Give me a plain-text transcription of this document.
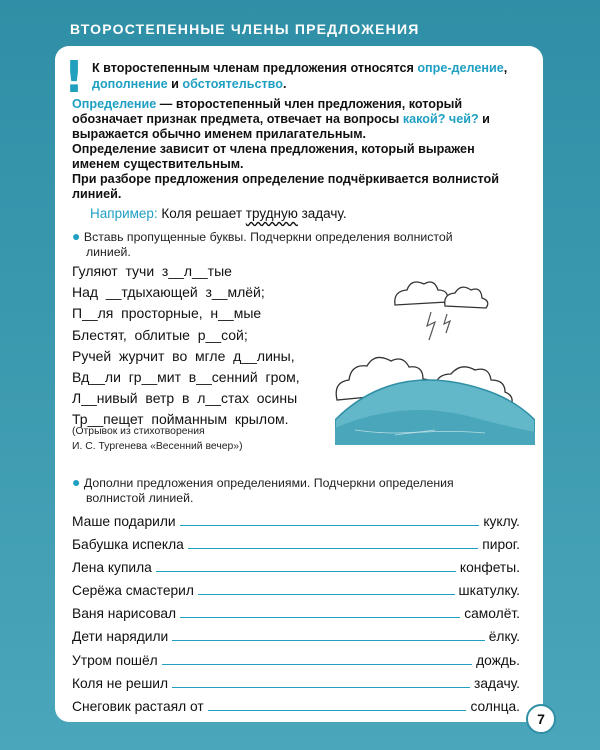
ВТОРОСТЕПЕННЫЕ ЧЛЕНЫ ПРЕДЛОЖЕНИЯ
! К второстепенным членам предложения относятся опре-деление, дополнение и обстоятельство.
Определение — второстепенный член предложения, который обозначает признак предмета, отвечает на вопросы какой? чей? и выражается обычно именем прилагательным.
Определение зависит от члена предложения, который выражен именем существительным.
При разборе предложения определение подчёркивается волнистой линией.
Например: Коля решает трудную задачу.
● Вставь пропущенные буквы. Подчеркни определения волнистой
линией.
Гуляют  тучи  з__л__тые
Над  __тдыхающей  з__млёй;
П__ля  просторные,  н__мые
Блестят,  облитые  р__сой;
Ручей  журчит  во  мгле  д__лины,
Вд__ли  гр__мит  в__сенний  гром,
Л__нивый  ветр  в  л__стах  осины
Тр__пещет  пойманным  крылом.
(Отрывок из стихотворения
И. С. Тургенева «Весенний вечер»)
● Дополни предложения определениями. Подчеркни определения
волнистой линией.
Маше подарили	куклу.
Бабушка испекла	пирог.
Лена купила	конфеты.
Серёжа смастерил	шкатулку.
Ваня нарисовал	самолёт.
Дети нарядили	ёлку.
Утром пошёл	дождь.
Коля не решил	задачу.
Снеговик растаял от	солнца.
7
